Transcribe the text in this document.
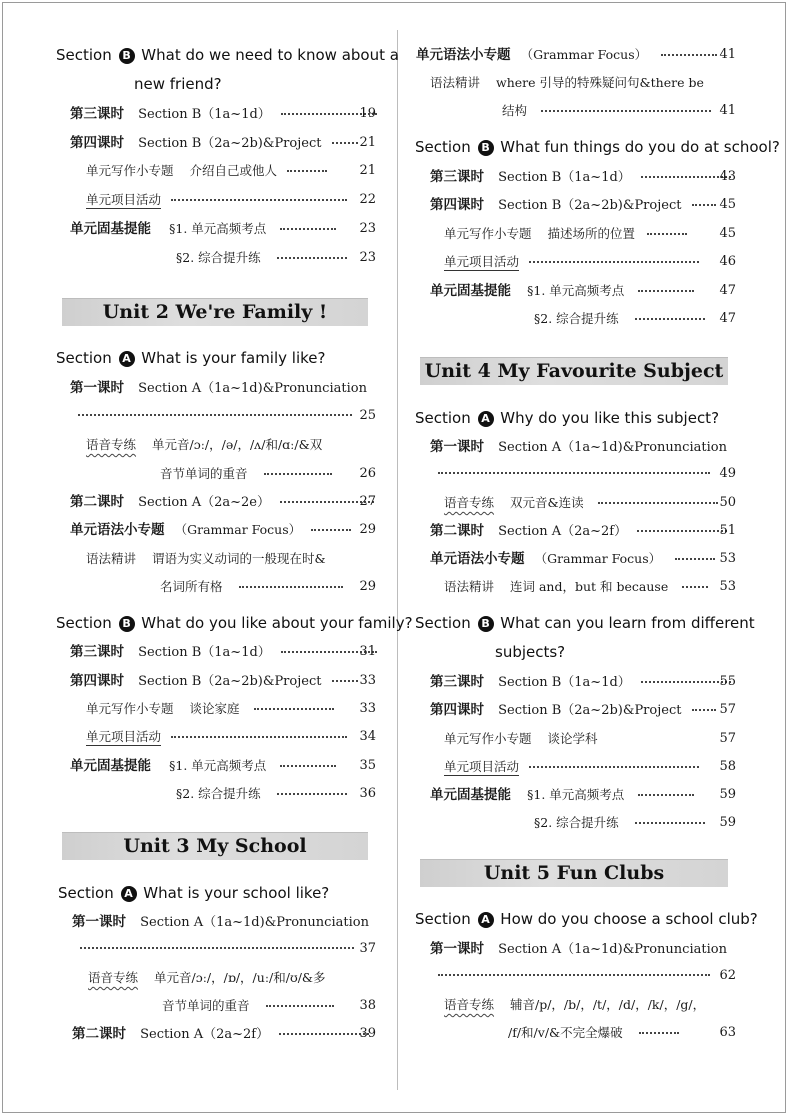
Section B What do we need to know about a
new friend?
第三课时 Section B（1a~1d）	19
第四课时 Section B（2a~2b)&Project	21
单元写作小专题 介绍自己或他人	21
单元项目活动	22
单元固基提能 §1. 单元高频考点	23
§2. 综合提升练	23
Unit 2 We're Family !
Section A What is your family like?
第一课时 Section A（1a~1d)&Pronunciation
25
语音专练 单元音/ɔː/，/ə/，/ʌ/和/ɑː/&双
音节单词的重音	26
第二课时 Section A（2a~2e）	27
单元语法小专题 （Grammar Focus）	29
语法精讲 谓语为实义动词的一般现在时&
名词所有格	29
Section B What do you like about your family?
第三课时 Section B（1a~1d）	31
第四课时 Section B（2a~2b)&Project	33
单元写作小专题 谈论家庭	33
单元项目活动	34
单元固基提能 §1. 单元高频考点	35
§2. 综合提升练	36
Unit 3 My School
Section A What is your school like?
第一课时 Section A（1a~1d)&Pronunciation
37
语音专练 单元音/ɔː/，/ɒ/，/uː/和/ʊ/&多
音节单词的重音	38
第二课时 Section A（2a~2f）	39
单元语法小专题 （Grammar Focus）	41
语法精讲 where 引导的特殊疑问句&there be
结构	41
Section B What fun things do you do at school?
第三课时 Section B（1a~1d）	43
第四课时 Section B（2a~2b)&Project	45
单元写作小专题 描述场所的位置	45
单元项目活动	46
单元固基提能 §1. 单元高频考点	47
§2. 综合提升练	47
Unit 4 My Favourite Subject
Section A Why do you like this subject?
第一课时 Section A（1a~1d)&Pronunciation
49
语音专练 双元音&连读	50
第二课时 Section A（2a~2f）	51
单元语法小专题 （Grammar Focus）	53
语法精讲 连词 and，but 和 because	53
Section B What can you learn from different
subjects?
第三课时 Section B（1a~1d）	55
第四课时 Section B（2a~2b)&Project	57
单元写作小专题 谈论学科	57
单元项目活动	58
单元固基提能 §1. 单元高频考点	59
§2. 综合提升练	59
Unit 5 Fun Clubs
Section A How do you choose a school club?
第一课时 Section A（1a~1d)&Pronunciation
62
语音专练 辅音/p/，/b/，/t/，/d/，/k/，/g/，
/f/和/v/&不完全爆破	63
